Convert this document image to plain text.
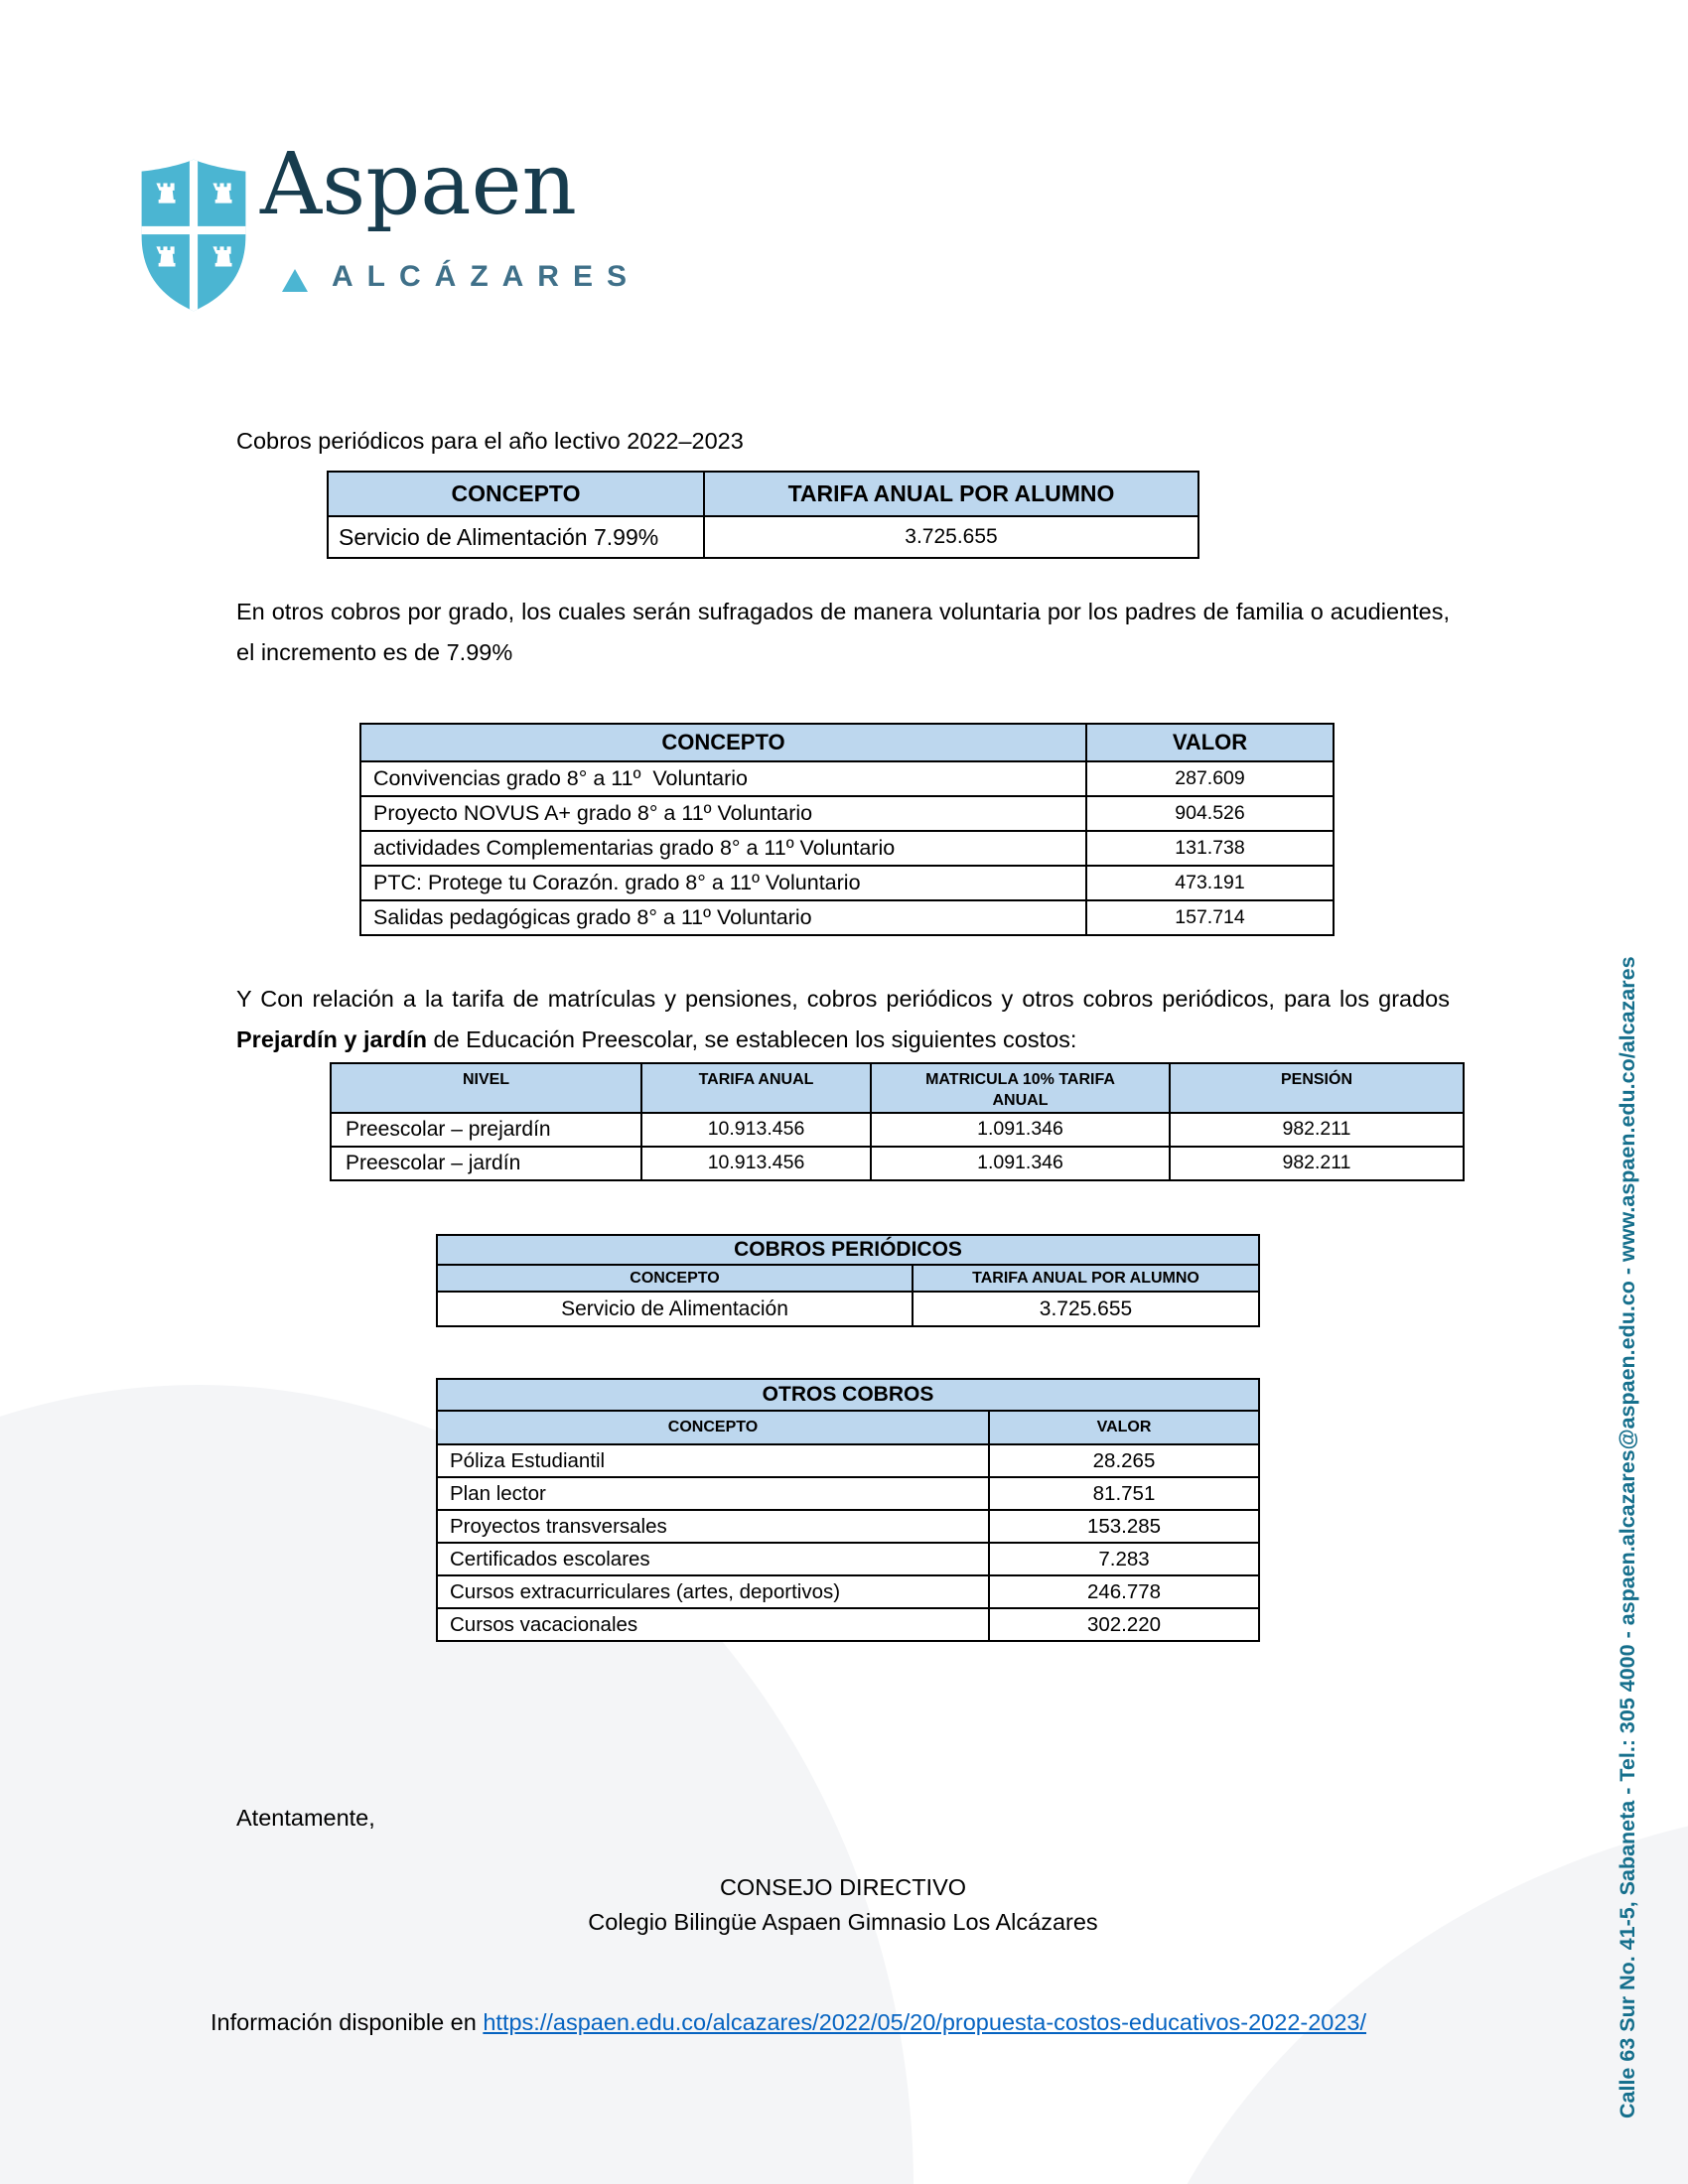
Aspaen
ALCÁZARES
Calle 63 Sur No. 41-5, Sabaneta - Tel.: 305 4000 - aspaen.alcazares@aspaen.edu.co - www.aspaen.edu.co/alcazares
Cobros periódicos para el año lectivo 2022–2023
CONCEPTO	TARIFA ANUAL POR ALUMNO
Servicio de Alimentación 7.99%	3.725.655
En otros cobros por grado, los cuales serán sufragados de manera voluntaria por los padres de familia o acudientes, el incremento es de 7.99%
CONCEPTO	VALOR
Convivencias grado 8° a 11º  Voluntario	287.609
Proyecto NOVUS A+ grado 8° a 11º Voluntario	904.526
actividades Complementarias grado 8° a 11º Voluntario	131.738
PTC: Protege tu Corazón. grado 8° a 11º Voluntario	473.191
Salidas pedagógicas grado 8° a 11º Voluntario	157.714
Y Con relación a la tarifa de matrículas y pensiones, cobros periódicos y otros cobros periódicos, para los grados Prejardín y jardín de Educación Preescolar, se establecen los siguientes costos:
NIVEL	TARIFA ANUAL	MATRICULA 10% TARIFA ANUAL	PENSIÓN
Preescolar – prejardín	10.913.456	1.091.346	982.211
Preescolar – jardín	10.913.456	1.091.346	982.211
COBROS PERIÓDICOS	
CONCEPTO	TARIFA ANUAL POR ALUMNO
Servicio de Alimentación	3.725.655
OTROS COBROS	
CONCEPTO	VALOR
Póliza Estudiantil	28.265
Plan lector	81.751
Proyectos transversales	153.285
Certificados escolares	7.283
Cursos extracurriculares (artes, deportivos)	246.778
Cursos vacacionales	302.220
Atentamente,
CONSEJO DIRECTIVO
Colegio Bilingüe Aspaen Gimnasio Los Alcázares
Información disponible en https://aspaen.edu.co/alcazares/2022/05/20/propuesta-costos-educativos-2022-2023/
